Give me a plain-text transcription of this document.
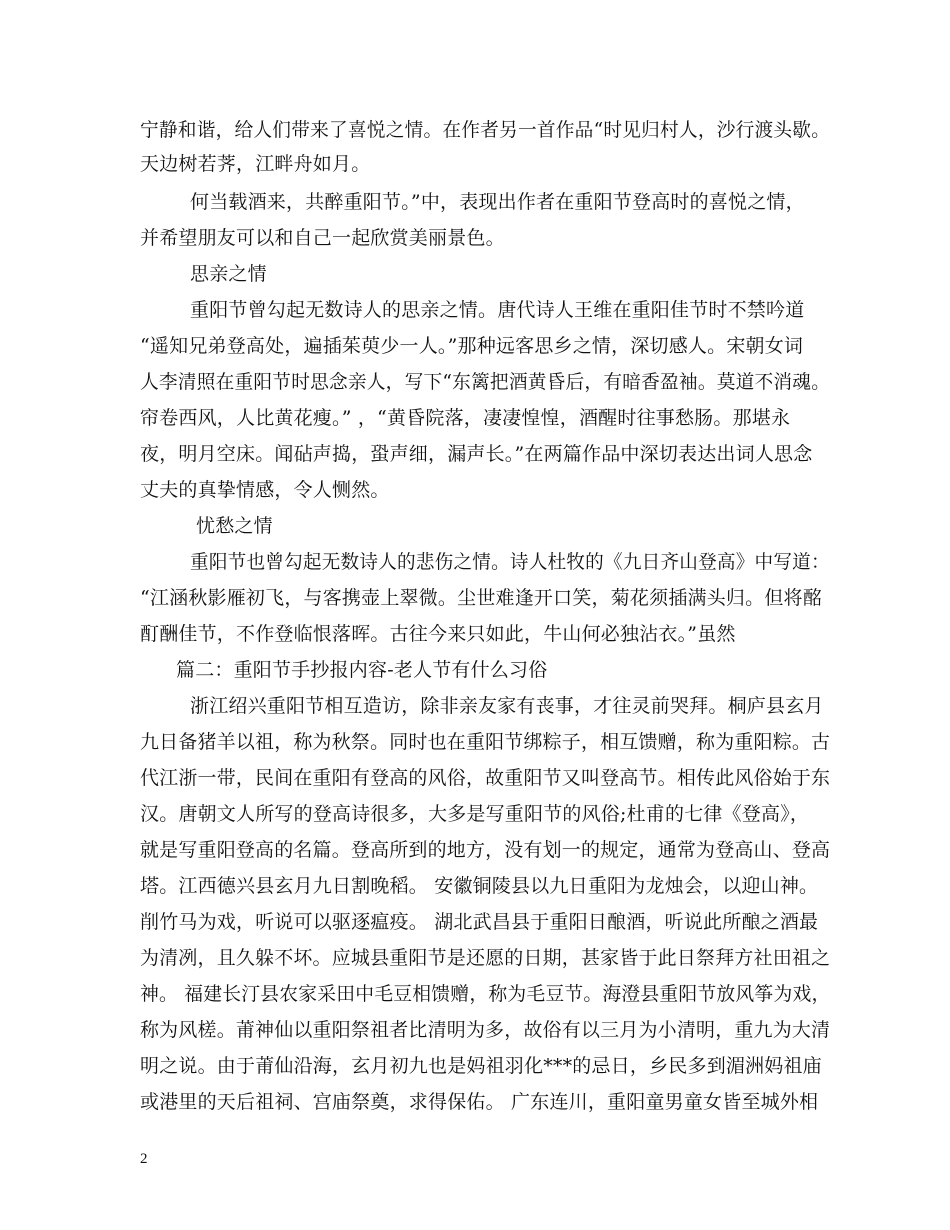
宁静和谐，给人们带来了喜悦之情。在作者另一首作品“时见归村人，沙行渡头歇。
天边树若荠，江畔舟如月。
何当载酒来，共醉重阳节。”中，表现出作者在重阳节登高时的喜悦之情，
并希望朋友可以和自己一起欣赏美丽景色。
思亲之情
重阳节曾勾起无数诗人的思亲之情。唐代诗人王维在重阳佳节时不禁吟道
“遥知兄弟登高处，遍插茱萸少一人。”那种远客思乡之情，深切感人。宋朝女词
人李清照在重阳节时思念亲人，写下“东篱把酒黄昏后，有暗香盈袖。莫道不消魂。
帘卷西风，人比黄花瘦。” ，“黄昏院落，凄凄惶惶，酒醒时往事愁肠。那堪永
夜，明月空床。闻砧声捣，蛩声细，漏声长。”在两篇作品中深切表达出词人思念
丈夫的真挚情感，令人恻然。
忧愁之情
重阳节也曾勾起无数诗人的悲伤之情。诗人杜牧的《九日齐山登高》中写道：
“江涵秋影雁初飞，与客携壶上翠微。尘世难逢开口笑，菊花须插满头归。但将酩
酊酬佳节，不作登临恨落晖。古往今来只如此，牛山何必独沾衣。”虽然
篇二：重阳节手抄报内容-老人节有什么习俗
浙江绍兴重阳节相互造访，除非亲友家有丧事，才往灵前哭拜。桐庐县玄月
九日备猪羊以祖，称为秋祭。同时也在重阳节绑粽子，相互馈赠，称为重阳粽。古
代江浙一带，民间在重阳有登高的风俗，故重阳节又叫登高节。相传此风俗始于东
汉。唐朝文人所写的登高诗很多，大多是写重阳节的风俗;杜甫的七律《登高》，
就是写重阳登高的名篇。登高所到的地方，没有划一的规定，通常为登高山、登高
塔。江西德兴县玄月九日割晚稻。 安徽铜陵县以九日重阳为龙烛会，以迎山神。
削竹马为戏，听说可以驱逐瘟疫。 湖北武昌县于重阳日酿酒，听说此所酿之酒最
为清冽，且久躲不坏。应城县重阳节是还愿的日期，甚家皆于此日祭拜方社田祖之
神。 福建长汀县农家采田中毛豆相馈赠，称为毛豆节。海澄县重阳节放风筝为戏，
称为风槎。莆神仙以重阳祭祖者比清明为多，故俗有以三月为小清明，重九为大清
明之说。由于莆仙沿海，玄月初九也是妈祖羽化***的忌日，乡民多到湄洲妈祖庙
或港里的天后祖祠、宫庙祭奠，求得保佑。 广东连川，重阳童男童女皆至城外相
2
